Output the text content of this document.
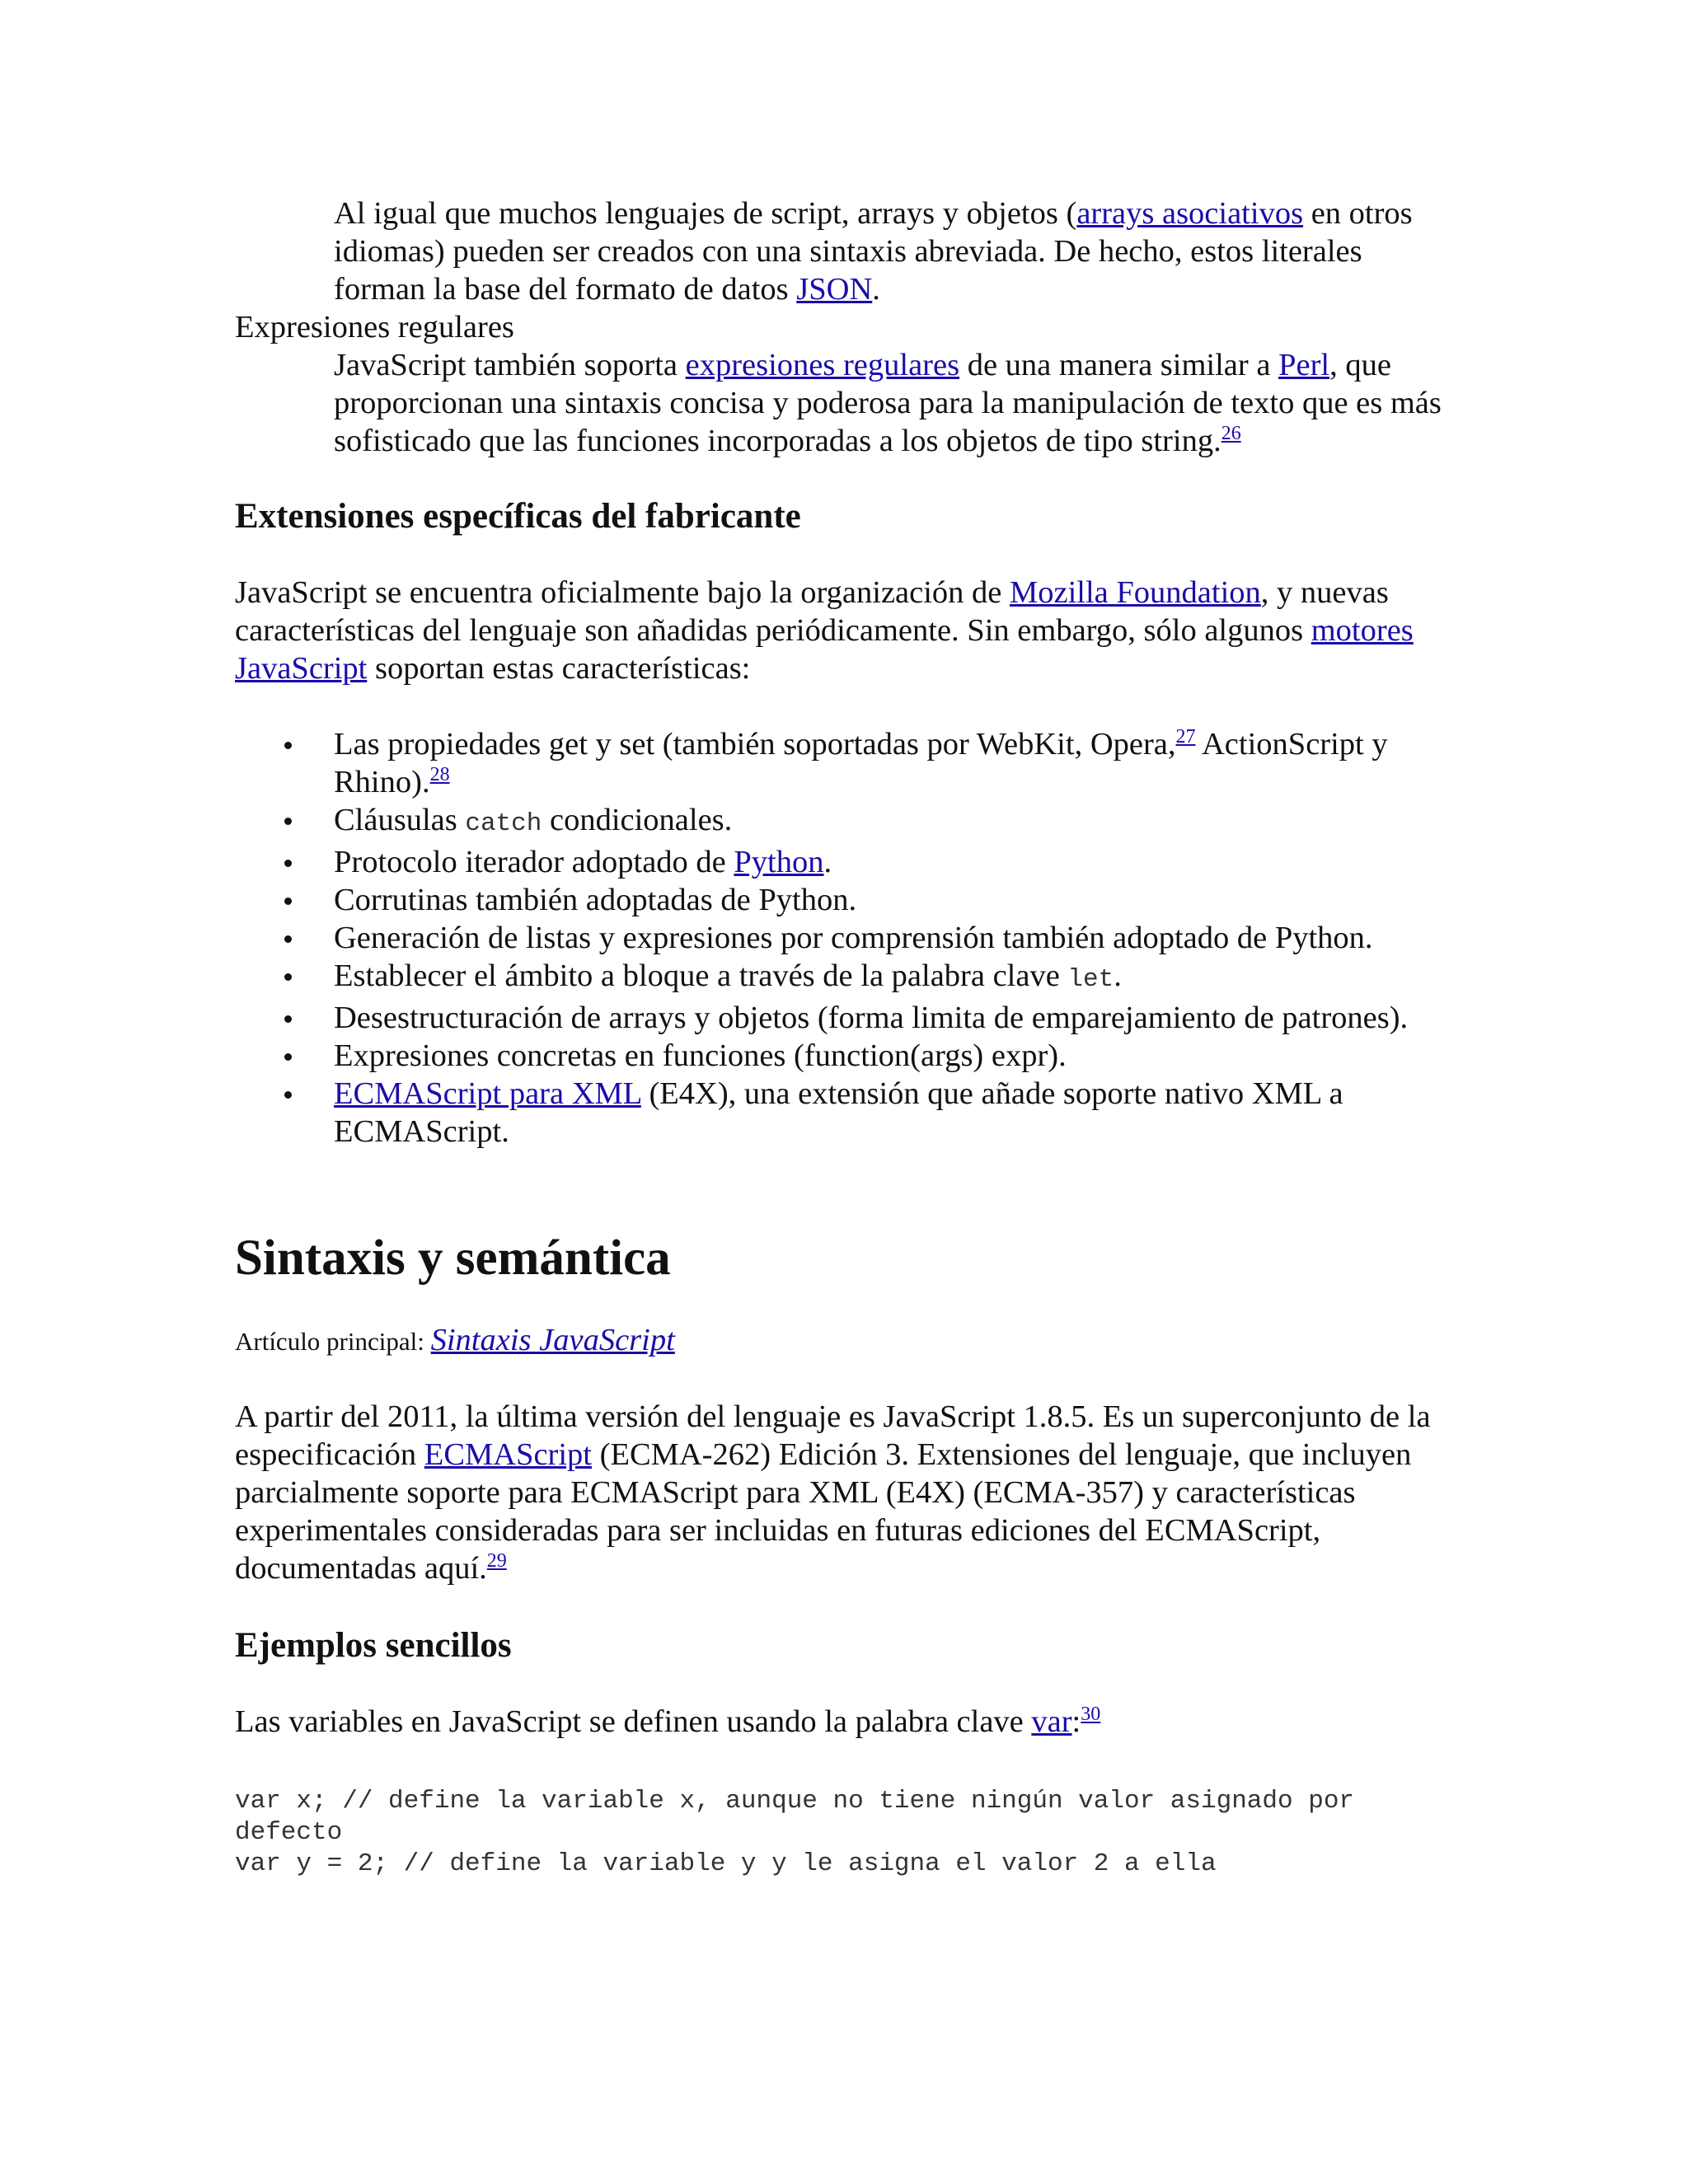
Al igual que muchos lenguajes de script, arrays y objetos (arrays asociativos en otros idiomas) pueden ser creados con una sintaxis abreviada. De hecho, estos literales forman la base del formato de datos JSON.
Expresiones regulares
JavaScript también soporta expresiones regulares de una manera similar a Perl, que proporcionan una sintaxis concisa y poderosa para la manipulación de texto que es más sofisticado que las funciones incorporadas a los objetos de tipo string.$^{26}$
Extensiones específicas del fabricante
JavaScript se encuentra oficialmente bajo la organización de Mozilla Foundation, y nuevas características del lenguaje son añadidas periódicamente. Sin embargo, sólo algunos motores JavaScript soportan estas características:
Las propiedades get y set (también soportadas por WebKit, Opera,$^{27}$ ActionScript y Rhino).$^{28}$
Cláusulas catch condicionales.
Protocolo iterador adoptado de Python.
Corrutinas también adoptadas de Python.
Generación de listas y expresiones por comprensión también adoptado de Python.
Establecer el ámbito a bloque a través de la palabra clave let.
Desestructuración de arrays y objetos (forma limita de emparejamiento de patrones).
Expresiones concretas en funciones (function(args) expr).
ECMAScript para XML (E4X), una extensión que añade soporte nativo XML a ECMAScript.
Sintaxis y semántica
Artículo principal: Sintaxis JavaScript
A partir del 2011, la última versión del lenguaje es JavaScript 1.8.5. Es un superconjunto de la especificación ECMAScript (ECMA-262) Edición 3. Extensiones del lenguaje, que incluyen parcialmente soporte para ECMAScript para XML (E4X) (ECMA-357) y características experimentales consideradas para ser incluidas en futuras ediciones del ECMAScript, documentadas aquí.$^{29}$
Ejemplos sencillos
Las variables en JavaScript se definen usando la palabra clave var:$^{30}$
var x; // define la variable x, aunque no tiene ningún valor asignado por defecto
var y = 2; // define la variable y y le asigna el valor 2 a ella
